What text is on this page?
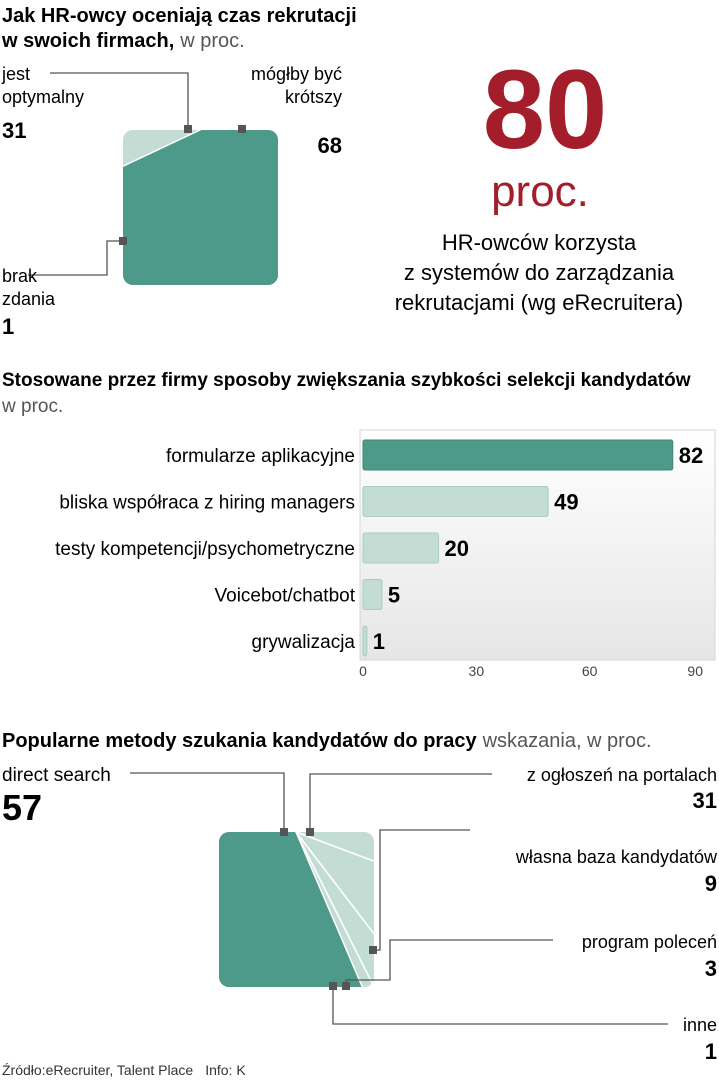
Jak HR-owcy oceniają czas rekrutacji
w swoich firmach, w proc.
jest
optymalny
31
mógłby być
krótszy
68
brak
zdania
1
80
proc.
HR-owców korzysta
z systemów do zarządzania
rekrutacjami (wg eRecruitera)
Stosowane przez firmy sposoby zwiększania szybkości selekcji kandydatów
w proc.
formularze aplikacyjne	82
bliska współraca z hiring managers	49
testy kompetencji/psychometryczne	20
Voicebot/chatbot 5
grywalizacja 1
0	30	60	90
Popularne metody szukania kandydatów do pracy wskazania, w proc.
direct search
57
z ogłoszeń na portalach
31
własna baza kandydatów
9
program poleceń
3
inne
1
Źródło:eRecruiter, Talent Place Info: K
